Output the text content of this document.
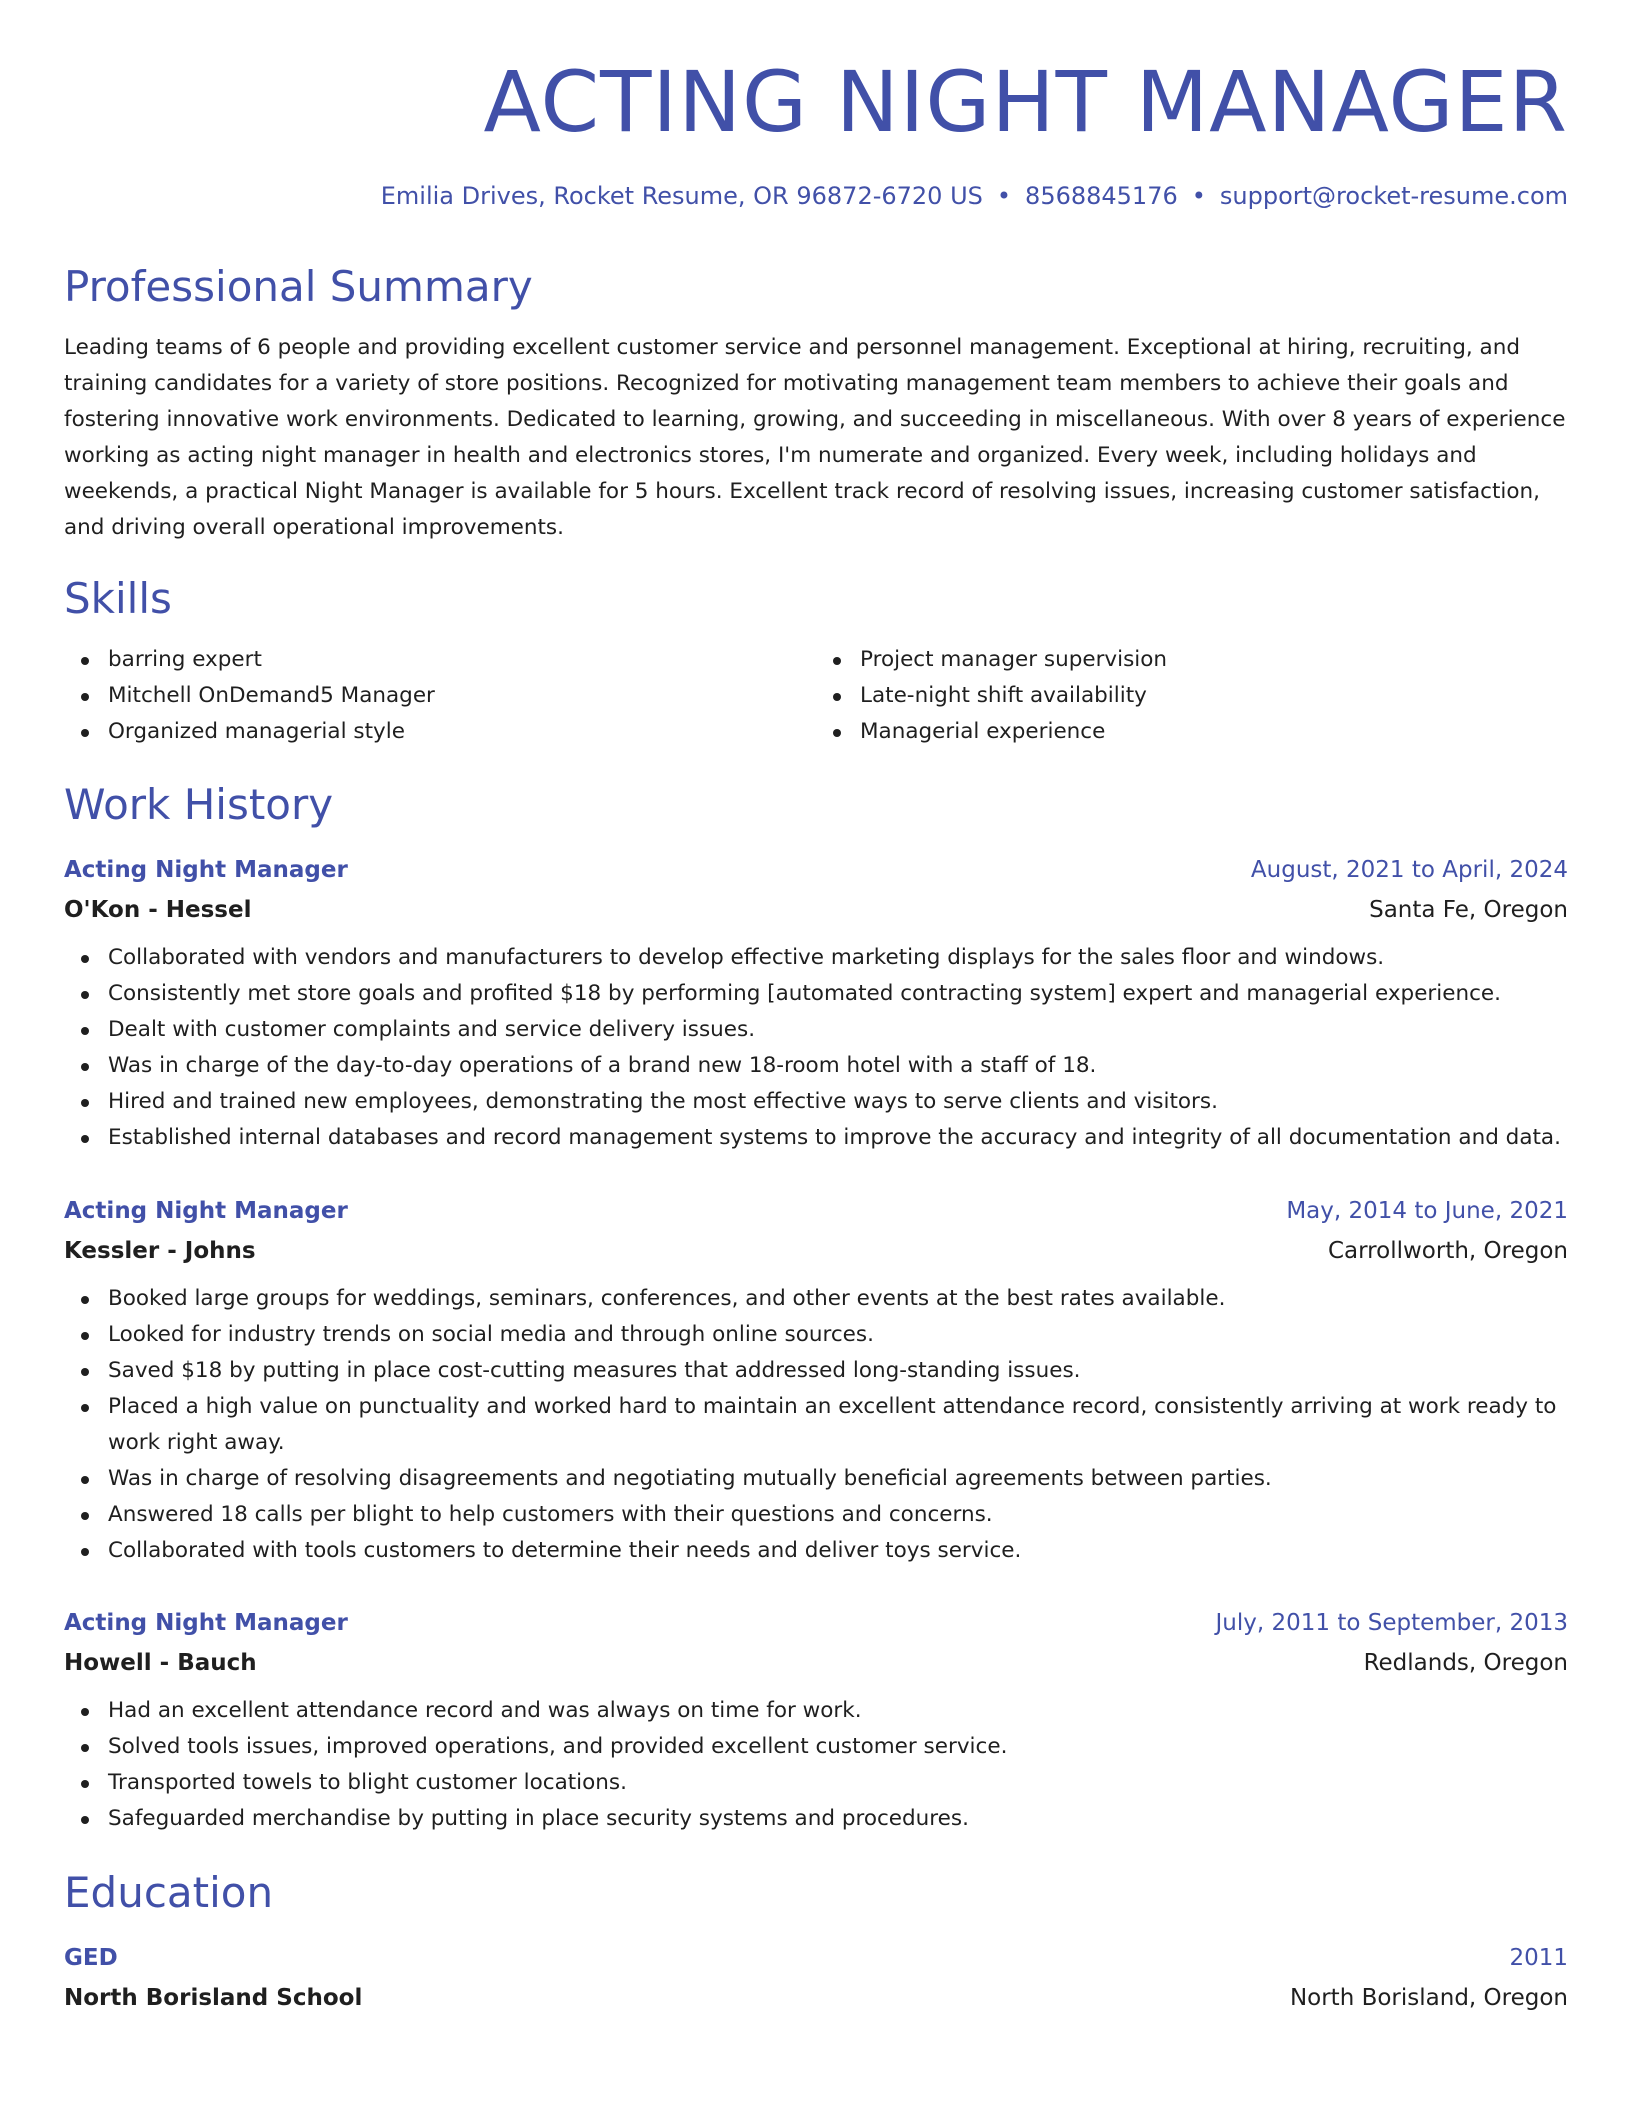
ACTING NIGHT MANAGER
Emilia Drives, Rocket Resume, OR 96872-6720 US • 8568845176 • support@rocket-resume.com
Professional Summary

Leading teams of 6 people and providing excellent customer service and personnel management. Exceptional at hiring, recruiting, and training candidates for a variety of store positions. Recognized for motivating management team members to achieve their goals and fostering innovative work environments. Dedicated to learning, growing, and succeeding in miscellaneous. With over 8 years of experience working as acting night manager in health and electronics stores, I'm numerate and organized. Every week, including holidays and weekends, a practical Night Manager is available for 5 hours. Excellent track record of resolving issues, increasing customer satisfaction, and driving overall operational improvements.

Skills
barring expert
Mitchell OnDemand5 Manager
Organized managerial style
Project manager supervision
Late-night shift availability
Managerial experience
Work History
Acting Night Manager	August, 2021 to April, 2024
O'Kon - Hessel	Santa Fe, Oregon
Collaborated with vendors and manufacturers to develop effective marketing displays for the sales floor and windows.
Consistently met store goals and profited $18 by performing [automated contracting system] expert and managerial experience.
Dealt with customer complaints and service delivery issues.
Was in charge of the day-to-day operations of a brand new 18-room hotel with a staff of 18.
Hired and trained new employees, demonstrating the most effective ways to serve clients and visitors.
Established internal databases and record management systems to improve the accuracy and integrity of all documentation and data.
Acting Night Manager	May, 2014 to June, 2021
Kessler - Johns	Carrollworth, Oregon
Booked large groups for weddings, seminars, conferences, and other events at the best rates available.
Looked for industry trends on social media and through online sources.
Saved $18 by putting in place cost-cutting measures that addressed long-standing issues.
Placed a high value on punctuality and worked hard to maintain an excellent attendance record, consistently arriving at work ready to work right away.
Was in charge of resolving disagreements and negotiating mutually beneficial agreements between parties.
Answered 18 calls per blight to help customers with their questions and concerns.
Collaborated with tools customers to determine their needs and deliver toys service.
Acting Night Manager	July, 2011 to September, 2013
Howell - Bauch	Redlands, Oregon
Had an excellent attendance record and was always on time for work.
Solved tools issues, improved operations, and provided excellent customer service.
Transported towels to blight customer locations.
Safeguarded merchandise by putting in place security systems and procedures.
Education
GED	2011
North Borisland School	North Borisland, Oregon
